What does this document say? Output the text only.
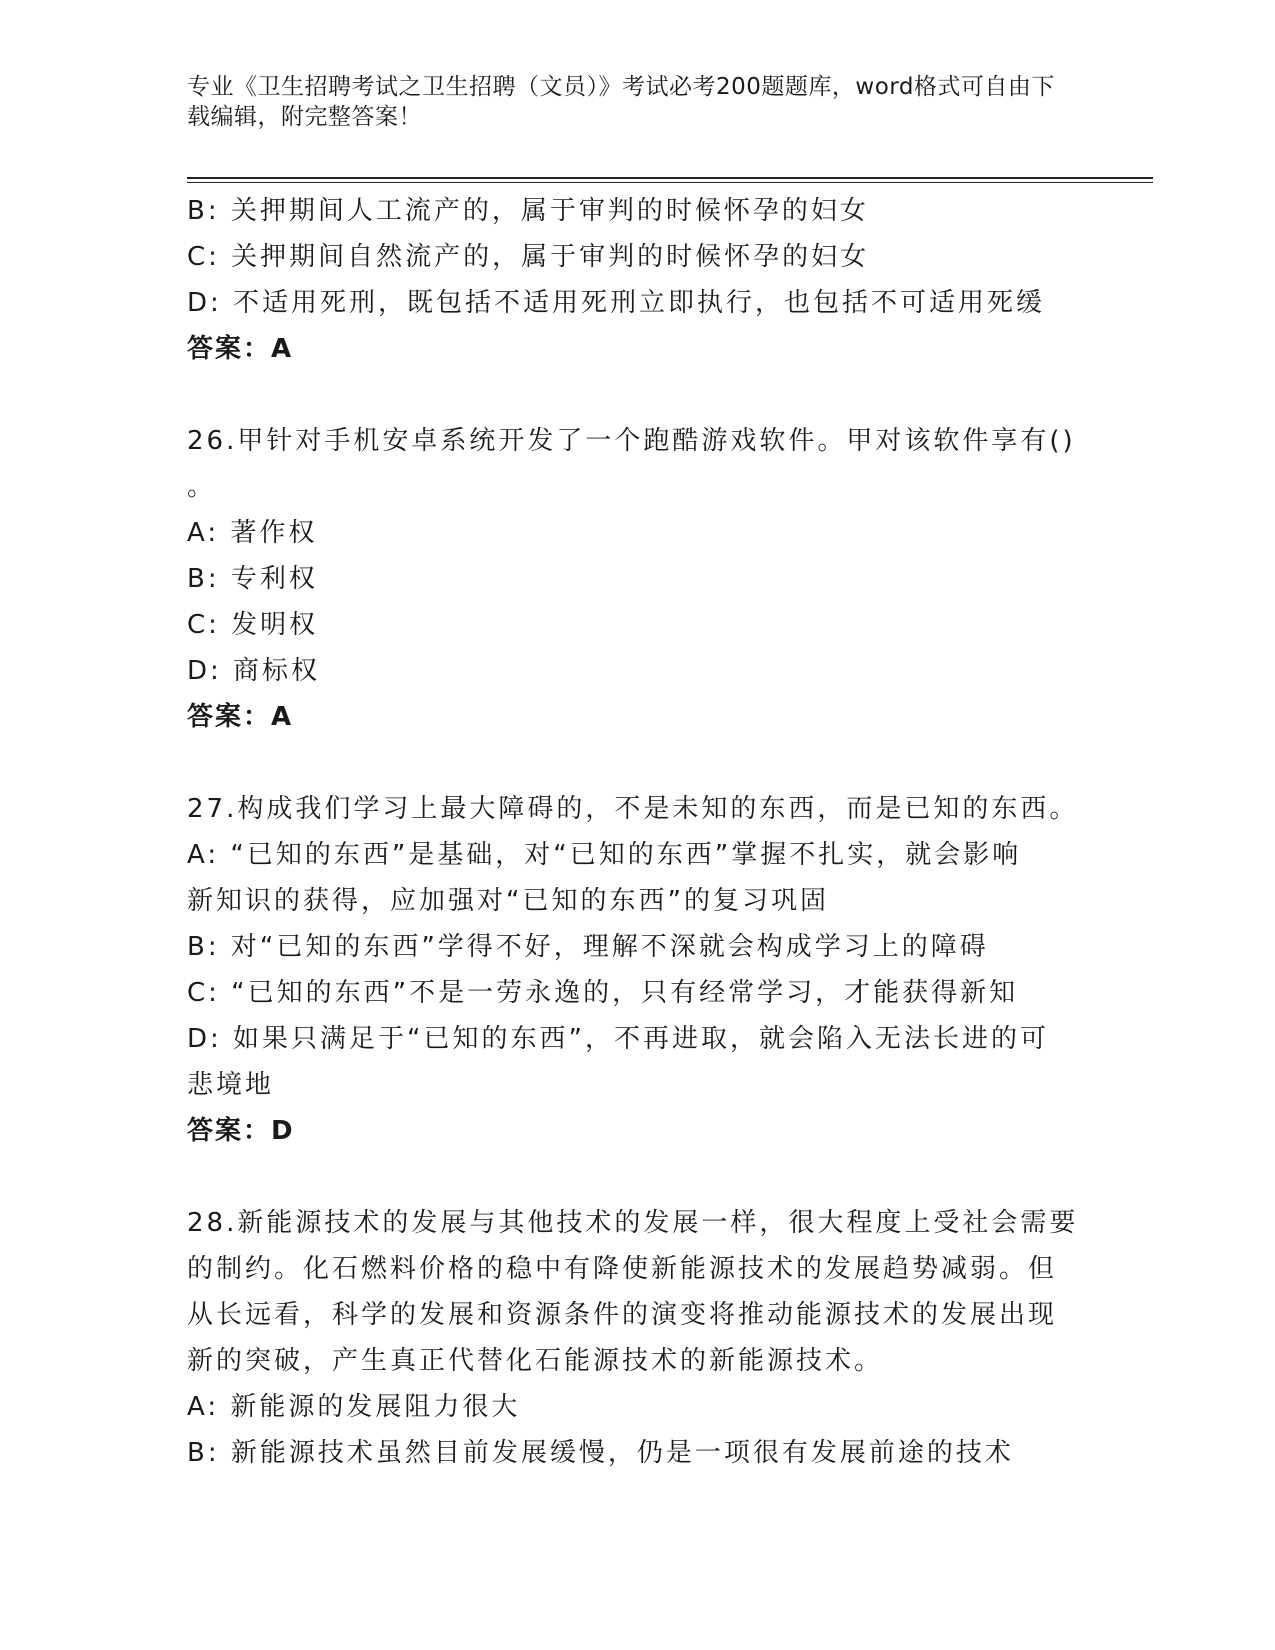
专业《卫生招聘考试之卫生招聘（文员）》考试必考200题题库，word格式可自由下载编辑，附完整答案！
B: 关押期间人工流产的，属于审判的时候怀孕的妇女
C: 关押期间自然流产的，属于审判的时候怀孕的妇女
D: 不适用死刑，既包括不适用死刑立即执行，也包括不可适用死缓
答案：A
26.甲针对手机安卓系统开发了一个跑酷游戏软件。甲对该软件享有()
。
A: 著作权
B: 专利权
C: 发明权
D: 商标权
答案：A
27.构成我们学习上最大障碍的，不是未知的东西，而是已知的东西。
A: “已知的东西”是基础，对“已知的东西”掌握不扎实，就会影响
新知识的获得，应加强对“已知的东西”的复习巩固
B: 对“已知的东西”学得不好，理解不深就会构成学习上的障碍
C: “已知的东西”不是一劳永逸的，只有经常学习，才能获得新知
D: 如果只满足于“已知的东西”，不再进取，就会陷入无法长进的可
悲境地
答案：D
28.新能源技术的发展与其他技术的发展一样，很大程度上受社会需要
的制约。化石燃料价格的稳中有降使新能源技术的发展趋势减弱。但
从长远看，科学的发展和资源条件的演变将推动能源技术的发展出现
新的突破，产生真正代替化石能源技术的新能源技术。
A: 新能源的发展阻力很大
B: 新能源技术虽然目前发展缓慢，仍是一项很有发展前途的技术
